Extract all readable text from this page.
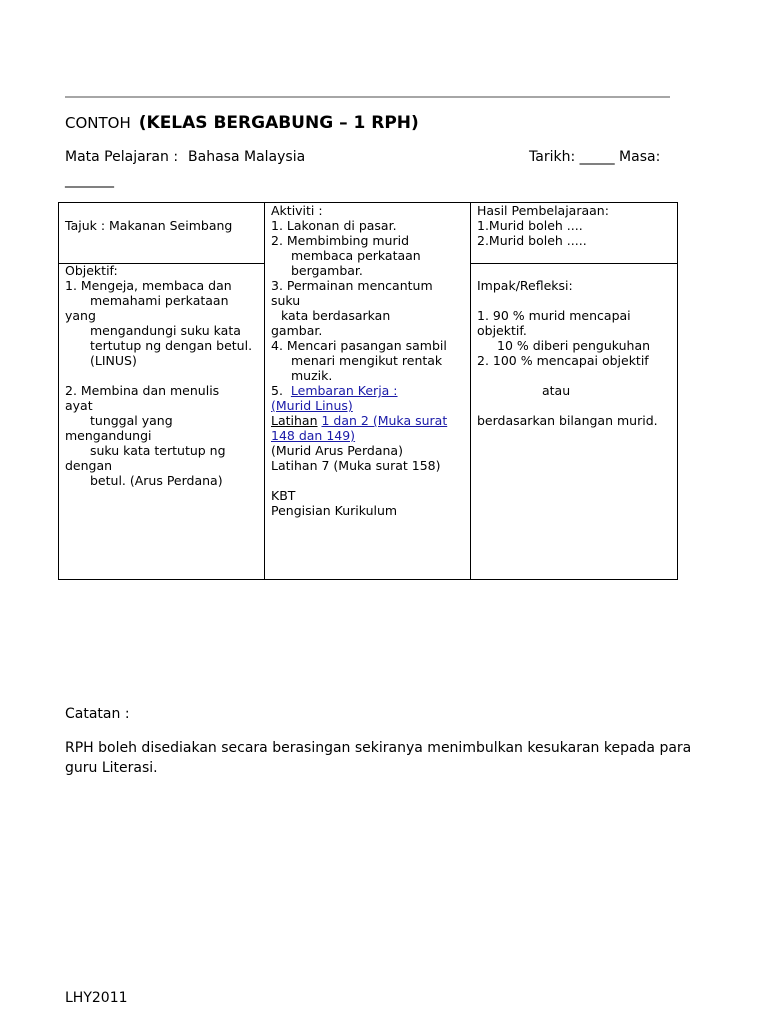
CONTOH (KELAS BERGABUNG – 1 RPH)
Mata Pelajaran : Bahasa Malaysia	Tarikh: _____ Masa:
_______
Tajuk : Makanan Seimbang
Objektif:
1. Mengeja, membaca dan
memahami perkataan
yang
mengandungi suku kata
tertutup ng dengan betul.
(LINUS)
2. Membina dan menulis
ayat
tunggal yang
mengandungi
suku kata tertutup ng
dengan
betul. (Arus Perdana)
Aktiviti :
1. Lakonan di pasar.
2. Membimbing murid
membaca perkataan
bergambar.
3. Permainan mencantum
suku
kata berdasarkan
gambar.
4. Mencari pasangan sambil
menari mengikut rentak
muzik.
5. Lembaran Kerja :
(Murid Linus)
Latihan 1 dan 2 (Muka surat
148 dan 149)
(Murid Arus Perdana)
Latihan 7 (Muka surat 158)
KBT
Pengisian Kurikulum
Hasil Pembelajaraan:
1.Murid boleh ....
2.Murid boleh .....
Impak/Refleksi:
1. 90 % murid mencapai
objektif.
10 % diberi pengukuhan
2. 100 % mencapai objektif
atau
berdasarkan bilangan murid.
Catatan :
RPH boleh disediakan secara berasingan sekiranya menimbulkan kesukaran kepada para guru Literasi.
LHY2011
